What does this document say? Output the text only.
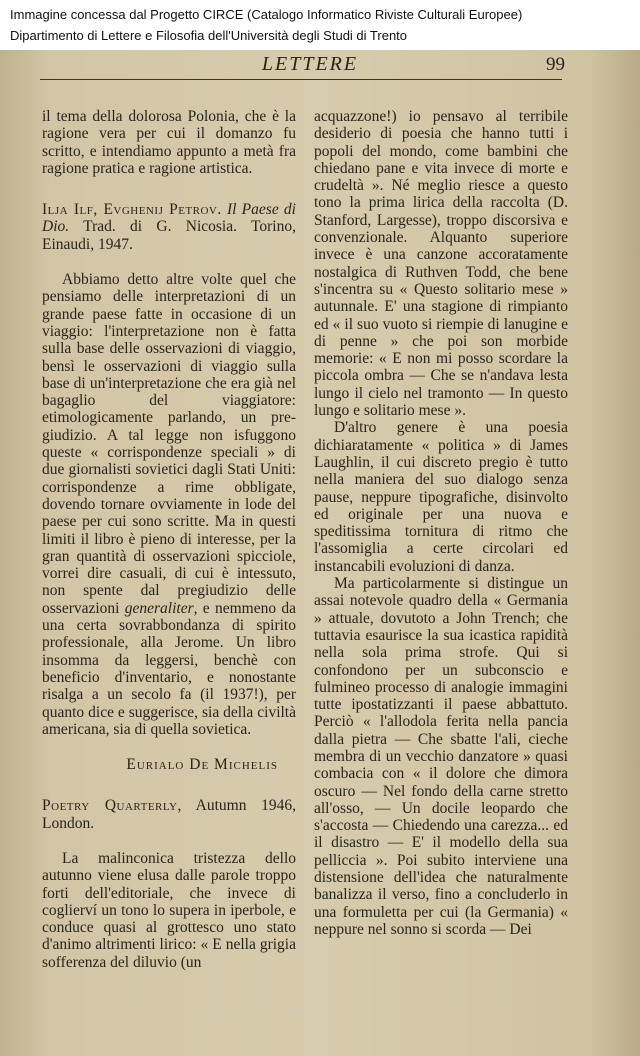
Immagine concessa dal Progetto CIRCE (Catalogo Informatico Riviste Culturali Europee)
Dipartimento di Lettere e Filosofia dell'Università degli Studi di Trento
LETTERE	99

il tema della dolorosa Polonia, che è la ragione vera per cui il domanzo fu scritto, e intendiamo appunto a metà fra ragione pratica e ragione artistica.

Ilja Ilf, Evghenij Petrov. Il Paese di Dio. Trad. di G. Nicosia. Torino, Einaudi, 1947.

Abbiamo detto altre volte quel che pensiamo delle interpretazioni di un grande paese fatte in occasione di un viaggio: l'interpretazione non è fatta sulla base delle osservazioni di viaggio, bensì le osservazioni di viaggio sulla base di un'interpretazione che era già nel bagaglio del viaggiatore: etimologicamente parlando, un pre-giudizio. A tal legge non isfuggono queste « corrispondenze speciali » di due giornalisti sovietici dagli Stati Uniti: corrispondenze a rime obbligate, dovendo tornare ovviamente in lode del paese per cui sono scritte. Ma in questi limiti il libro è pieno di interesse, per la gran quantità di osservazioni spicciole, vorrei dire casuali, di cui è intessuto, non spente dal pregiudizio delle osservazioni generaliter, e nemmeno da una certa sovrabbondanza di spirito professionale, alla Jerome. Un libro insomma da leggersi, benchè con beneficio d'inventario, e nonostante risalga a un secolo fa (il 1937!), per quanto dice e suggerisce, sia della civiltà americana, sia di quella sovietica.

Eurialo De Michelis

Poetry Quarterly, Autumn 1946, London.

La malinconica tristezza dello autunno viene elusa dalle parole troppo forti dell'editoriale, che invece di coglierví un tono lo supera in iperbole, e conduce quasi al grottesco uno stato d'animo altrimenti lirico: « E nella grigia sofferenza del diluvio (un

acquazzone!) io pensavo al terribile desiderio di poesia che hanno tutti i popoli del mondo, come bambini che chiedano pane e vita invece di morte e crudeltà ». Né meglio riesce a questo tono la prima lirica della raccolta (D. Stanford, Largesse), troppo discorsiva e convenzionale. Alquanto superiore invece è una canzone accoratamente nostalgica di Ruthven Todd, che bene s'incentra su « Questo solitario mese » autunnale. E' una stagione di rimpianto ed « il suo vuoto si riempie di lanugine e di penne » che poi son morbide memorie: « E non mi posso scordare la piccola ombra — Che se n'andava lesta lungo il cielo nel tramonto — In questo lungo e solitario mese ».

D'altro genere è una poesia dichiaratamente « politica » di James Laughlin, il cui discreto pregio è tutto nella maniera del suo dialogo senza pause, neppure tipografiche, disinvolto ed originale per una nuova e speditissima tornitura di ritmo che l'assomiglia a certe circolari ed instancabili evoluzioni di danza.

Ma particolarmente si distingue un assai notevole quadro della « Germania » attuale, dovutoto a John Trench; che tuttavia esaurisce la sua icastica rapidità nella sola prima strofe. Qui si confondono per un subconscio e fulmineo processo di analogie immagini tutte ipostatizzanti il paese abbattuto. Perciò « l'allodola ferita nella pancia dalla pietra — Che sbatte l'ali, cieche membra di un vecchio danzatore » quasi combacia con « il dolore che dimora oscuro — Nel fondo della carne stretto all'osso, — Un docile leopardo che s'accosta — Chiedendo una carezza... ed il disastro — E' il modello della sua pelliccia ». Poi subito interviene una distensione dell'idea che naturalmente banalizza il verso, fino a concluderlo in una formuletta per cui (la Germania) « neppure nel sonno si scorda — Dei
